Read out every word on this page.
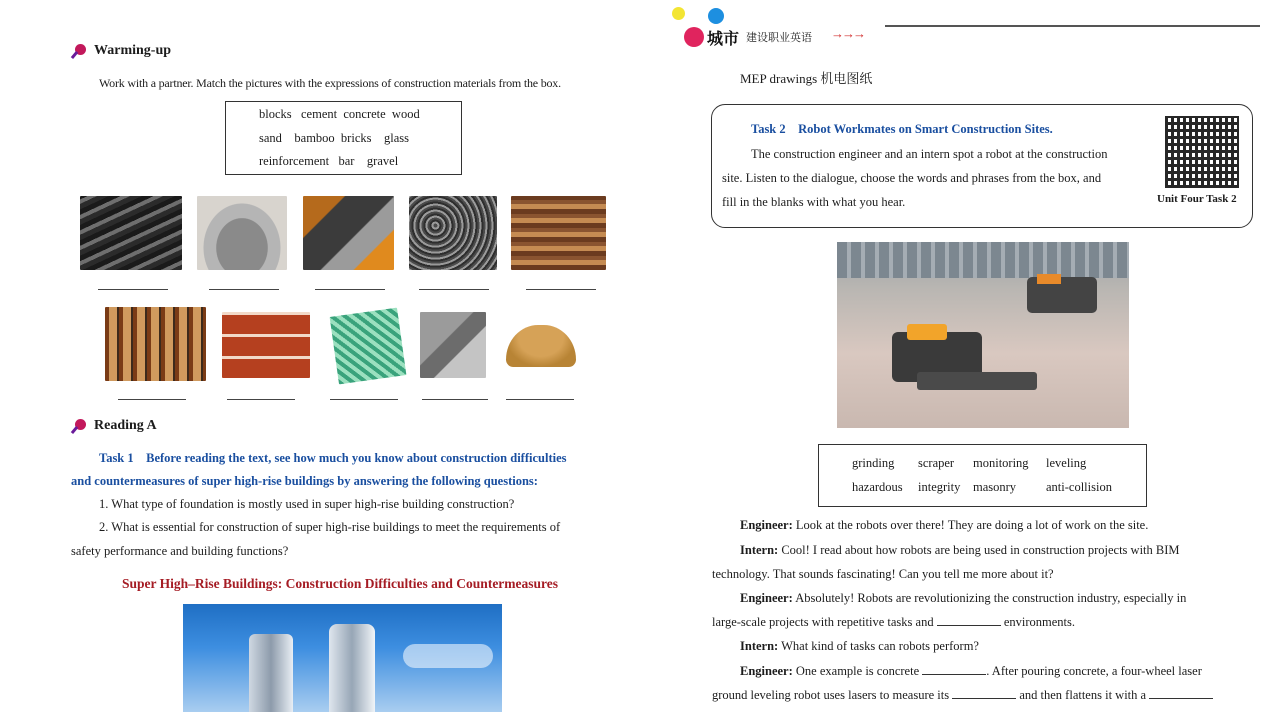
Warming-up
Work with a partner. Match the pictures with the expressions of construction materials from the box.
blocks   cement  concrete  wood
sand    bamboo  bricks    glass
reinforcement   bar    gravel
Reading A
Task 1    Before reading the text, see how much you know about construction difficulties
and countermeasures of super high-rise buildings by answering the following questions:
1. What type of foundation is mostly used in super high-rise building construction?
2. What is essential for construction of super high-rise buildings to meet the requirements of
safety performance and building functions?
Super High–Rise Buildings: Construction Difficulties and Countermeasures
城市 建设职业英语 →→→
MEP drawings 机电图纸
Task 2    Robot Workmates on Smart Construction Sites.
The construction engineer and an intern spot a robot at the construction
site. Listen to the dialogue, choose the words and phrases from the box, and
fill in the blanks with what you hear.	Unit Four Task 2
grinding scraper monitoring leveling
hazardous integrity masonry anti-collision
Engineer: Look at the robots over there! They are doing a lot of work on the site.
Intern: Cool! I read about how robots are being used in construction projects with BIM
technology. That sounds fascinating! Can you tell me more about it?
Engineer: Absolutely! Robots are revolutionizing the construction industry, especially in
large-scale projects with repetitive tasks and	environments.
Intern: What kind of tasks can robots perform?
Engineer: One example is concrete	. After pouring concrete, a four-wheel laser
ground leveling robot uses lasers to measure its	and then flattens it with a
